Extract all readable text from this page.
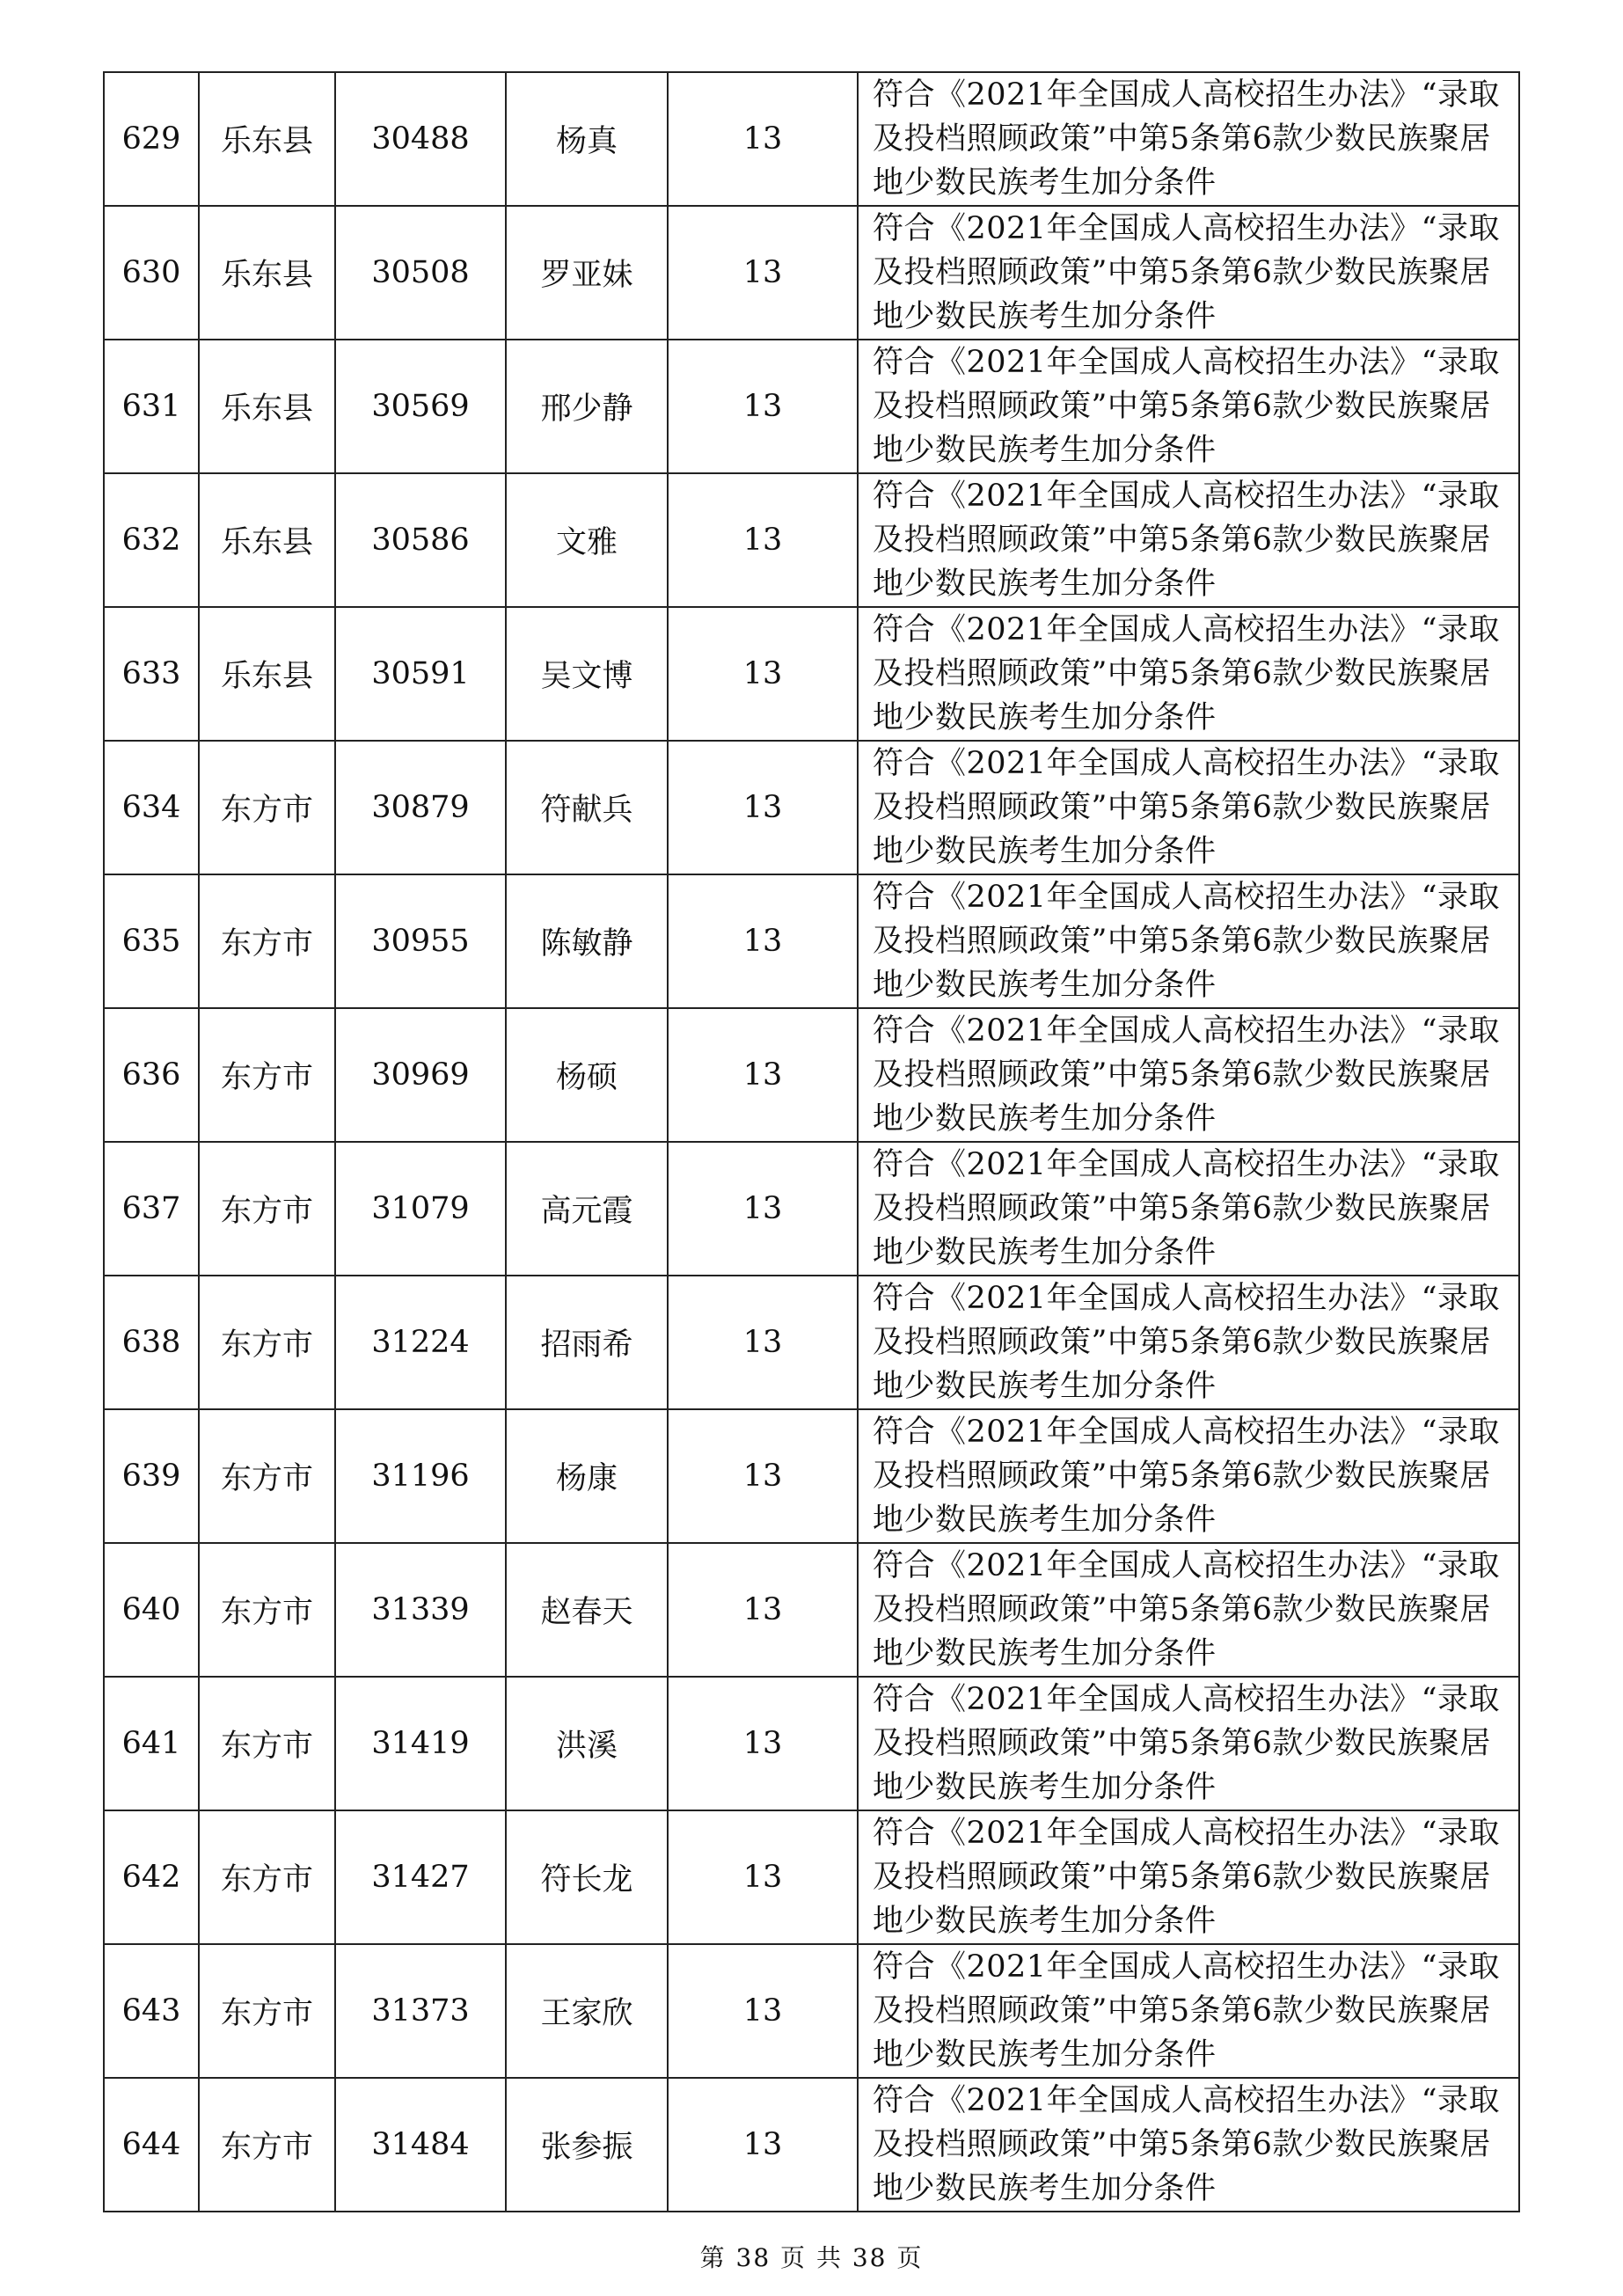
629	乐东县	30488	杨真	13	符合《2021年全国成人高校招生办法》“录取及投档照顾政策”中第5条第6款少数民族聚居地少数民族考生加分条件
630	乐东县	30508	罗亚妹	13	符合《2021年全国成人高校招生办法》“录取及投档照顾政策”中第5条第6款少数民族聚居地少数民族考生加分条件
631	乐东县	30569	邢少静	13	符合《2021年全国成人高校招生办法》“录取及投档照顾政策”中第5条第6款少数民族聚居地少数民族考生加分条件
632	乐东县	30586	文雅	13	符合《2021年全国成人高校招生办法》“录取及投档照顾政策”中第5条第6款少数民族聚居地少数民族考生加分条件
633	乐东县	30591	吴文博	13	符合《2021年全国成人高校招生办法》“录取及投档照顾政策”中第5条第6款少数民族聚居地少数民族考生加分条件
634	东方市	30879	符献兵	13	符合《2021年全国成人高校招生办法》“录取及投档照顾政策”中第5条第6款少数民族聚居地少数民族考生加分条件
635	东方市	30955	陈敏静	13	符合《2021年全国成人高校招生办法》“录取及投档照顾政策”中第5条第6款少数民族聚居地少数民族考生加分条件
636	东方市	30969	杨硕	13	符合《2021年全国成人高校招生办法》“录取及投档照顾政策”中第5条第6款少数民族聚居地少数民族考生加分条件
637	东方市	31079	高元霞	13	符合《2021年全国成人高校招生办法》“录取及投档照顾政策”中第5条第6款少数民族聚居地少数民族考生加分条件
638	东方市	31224	招雨希	13	符合《2021年全国成人高校招生办法》“录取及投档照顾政策”中第5条第6款少数民族聚居地少数民族考生加分条件
639	东方市	31196	杨康	13	符合《2021年全国成人高校招生办法》“录取及投档照顾政策”中第5条第6款少数民族聚居地少数民族考生加分条件
640	东方市	31339	赵春天	13	符合《2021年全国成人高校招生办法》“录取及投档照顾政策”中第5条第6款少数民族聚居地少数民族考生加分条件
641	东方市	31419	洪溪	13	符合《2021年全国成人高校招生办法》“录取及投档照顾政策”中第5条第6款少数民族聚居地少数民族考生加分条件
642	东方市	31427	符长龙	13	符合《2021年全国成人高校招生办法》“录取及投档照顾政策”中第5条第6款少数民族聚居地少数民族考生加分条件
643	东方市	31373	王家欣	13	符合《2021年全国成人高校招生办法》“录取及投档照顾政策”中第5条第6款少数民族聚居地少数民族考生加分条件
644	东方市	31484	张参振	13	符合《2021年全国成人高校招生办法》“录取及投档照顾政策”中第5条第6款少数民族聚居地少数民族考生加分条件
第 38 页 共 38 页
